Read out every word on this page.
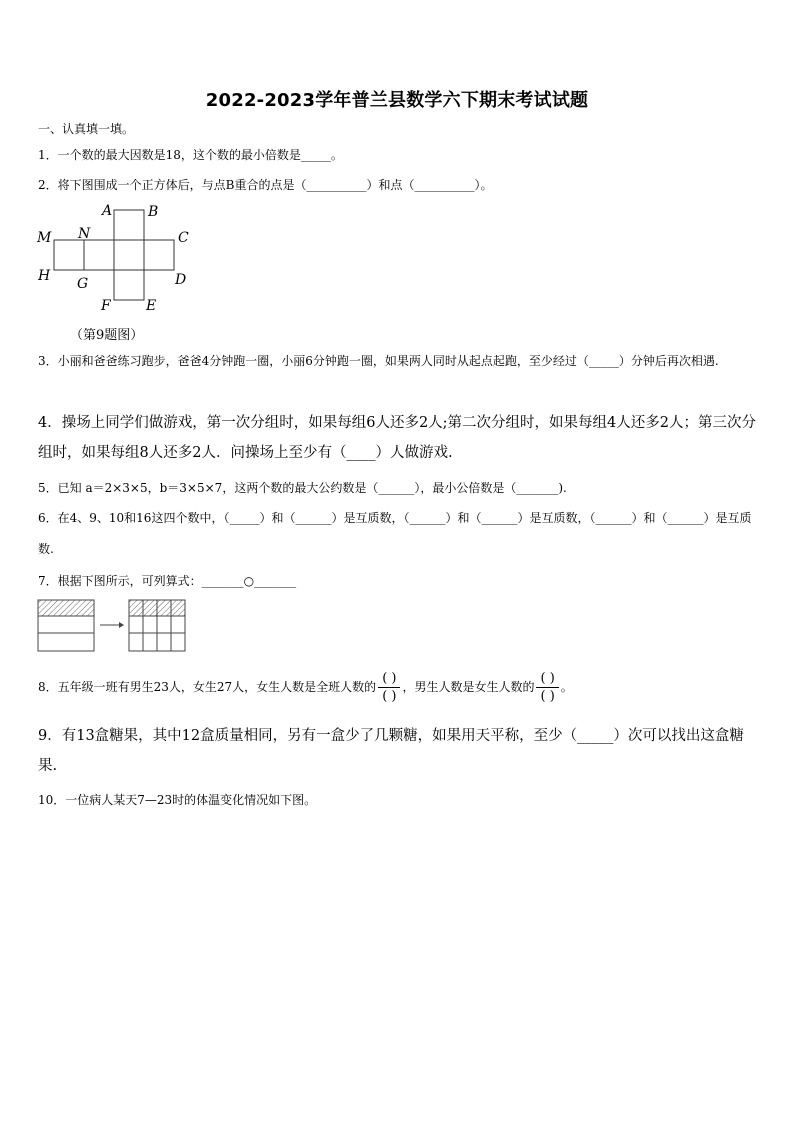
2022-2023学年普兰县数学六下期末考试试题
一、认真填一填。
1．一个数的最大因数是18，这个数的最小倍数是_____。
2．将下图围成一个正方体后，与点B重合的点是（__________）和点（__________）。
A	B
M N	C
H G	D
F	E
（第9题图）
3．小丽和爸爸练习跑步，爸爸4分钟跑一圈，小丽6分钟跑一圈，如果两人同时从起点起跑，至少经过（_____）分钟后再次相遇.
4．操场上同学们做游戏，第一次分组时，如果每组6人还多2人;第二次分组时，如果每组4人还多2人；第三次分组时，如果每组8人还多2人．问操场上至少有（____）人做游戏.
5．已知 a＝2×3×5，b＝3×5×7，这两个数的最大公约数是（______），最小公倍数是（_______).
6．在4、9、10和16这四个数中，（_____）和（______）是互质数，（______）和（______）是互质数，（______）和（______）是互质数.
7．根据下图所示，可列算式：_______○_______
8．五年级一班有男生23人，女生27人，女生人数是全班人数的 $\frac{( )}{( )}$ ，男生人数是女生人数的 $\frac{( )}{( )}$ 。
9．有13盒糖果，其中12盒质量相同，另有一盒少了几颗糖，如果用天平称，至少（_____）次可以找出这盒糖果.
10．一位病人某天7—23时的体温变化情况如下图。
